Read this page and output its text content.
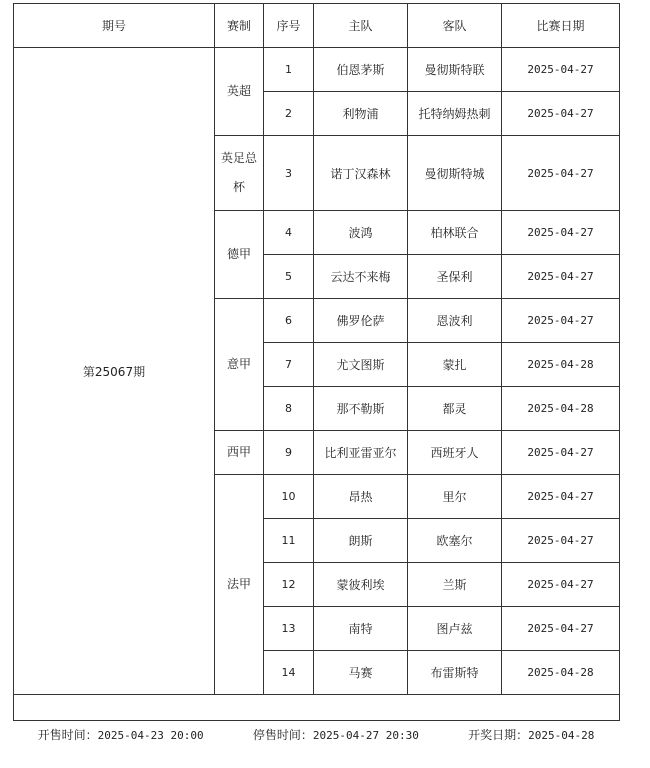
期号	赛制	序号	主队	客队	比赛日期
第25067期	英超	1	伯恩茅斯	曼彻斯特联	2025-04-27
		2	利物浦	托特纳姆热刺	2025-04-27
	英足总杯	3	诺丁汉森林	曼彻斯特城	2025-04-27
	德甲	4	波鸿	柏林联合	2025-04-27
		5	云达不来梅	圣保利	2025-04-27
	意甲	6	佛罗伦萨	恩波利	2025-04-27
		7	尤文图斯	蒙扎	2025-04-28
		8	那不勒斯	都灵	2025-04-28
	西甲	9	比利亚雷亚尔	西班牙人	2025-04-27
	法甲	10	昂热	里尔	2025-04-27
		11	朗斯	欧塞尔	2025-04-27
		12	蒙彼利埃	兰斯	2025-04-27
		13	南特	图卢兹	2025-04-27
		14	马赛	布雷斯特	2025-04-28

开售时间：2025-04-23 20:00	停售时间：2025-04-27 20:30	开奖日期：2025-04-28
